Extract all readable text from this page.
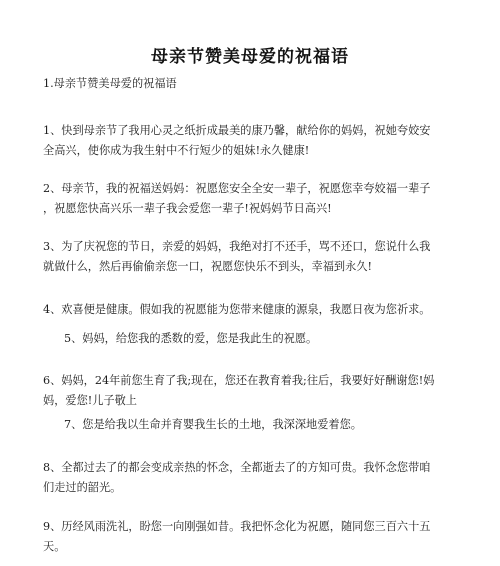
母亲节赞美母爱的祝福语

1.母亲节赞美母爱的祝福语

1、快到母亲节了我用心灵之纸折成最美的康乃馨，献给你的妈妈，祝她夸姣安
全高兴，使你成为我生射中不行短少的姐妹!永久健康!

2、母亲节，我的祝福送妈妈：祝愿您安全全安一辈子，祝愿您幸夸姣福一辈子
，祝愿您快高兴乐一辈子我会爱您一辈子!祝妈妈节日高兴!

3、为了庆祝您的节日，亲爱的妈妈，我绝对打不还手，骂不还口，您说什么我
就做什么，然后再偷偷亲您一口，祝愿您快乐不到头，幸福到永久!

4、欢喜便是健康。假如我的祝愿能为您带来健康的源泉，我愿日夜为您祈求。

5、妈妈，给您我的悉数的爱，您是我此生的祝愿。

6、妈妈，24年前您生育了我;现在，您还在教育着我;往后，我要好好酬谢您!妈
妈，爱您!儿子敬上

7、您是给我以生命并育婴我生长的土地，我深深地爱着您。

8、全都过去了的都会变成亲热的怀念，全都逝去了的方知可贵。我怀念您带咱
们走过的韶光。

9、历经风雨洗礼，盼您一向刚强如昔。我把怀念化为祝愿，随同您三百六十五
天。
